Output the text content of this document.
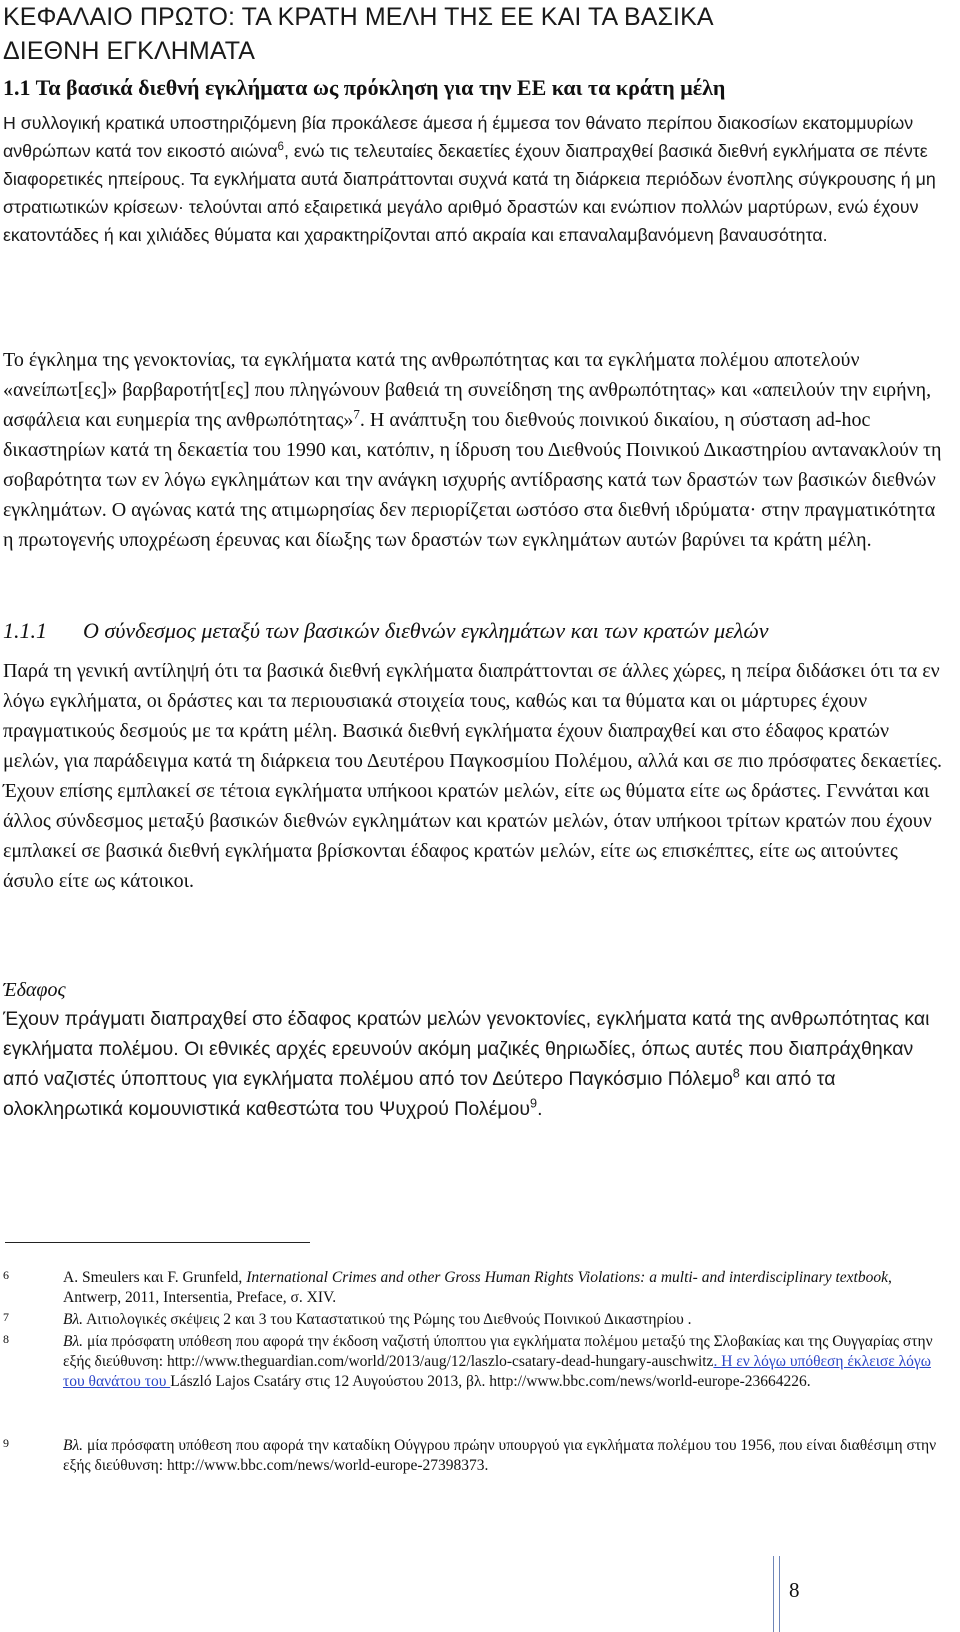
ΚΕΦΑΛΑΙΟ ΠΡΩΤΟ: ΤΑ ΚΡΑΤΗ ΜΕΛΗ ΤΗΣ ΕΕ ΚΑΙ ΤΑ ΒΑΣΙΚΑ
ΔΙΕΘΝΗ ΕΓΚΛΗΜΑΤΑ
1.1 Τα βασικά διεθνή εγκλήματα ως πρόκληση για την ΕΕ και τα κράτη μέλη
Η συλλογική κρατικά υποστηριζόμενη βία προκάλεσε άμεσα ή έμμεσα τον θάνατο περίπου διακοσίων εκατομμυρίων ανθρώπων κατά τον εικοστό αιώνα$^6$, ενώ τις τελευταίες δεκαετίες έχουν διαπραχθεί βασικά διεθνή εγκλήματα σε πέντε διαφορετικές ηπείρους. Τα εγκλήματα αυτά διαπράττονται συχνά κατά τη διάρκεια περιόδων ένοπλης σύγκρουσης ή μη στρατιωτικών κρίσεων· τελούνται από εξαιρετικά μεγάλο αριθμό δραστών και ενώπιον πολλών μαρτύρων, ενώ έχουν εκατοντάδες ή και χιλιάδες θύματα και χαρακτηρίζονται από ακραία και επαναλαμβανόμενη βαναυσότητα.
Το έγκλημα της γενοκτονίας, τα εγκλήματα κατά της ανθρωπότητας και τα εγκλήματα πολέμου αποτελούν «ανείπωτ[ες]» βαρβαροτήτ[ες] που πληγώνουν βαθειά τη συνείδηση της ανθρωπότητας» και «απειλούν την ειρήνη, ασφάλεια και ευημερία της ανθρωπότητας»$^7$. Η ανάπτυξη του διεθνούς ποινικού δικαίου, η σύσταση ad-hoc δικαστηρίων κατά τη δεκαετία του 1990 και, κατόπιν, η ίδρυση του Διεθνούς Ποινικού Δικαστηρίου αντανακλούν τη σοβαρότητα των εν λόγω εγκλημάτων και την ανάγκη ισχυρής αντίδρασης κατά των δραστών των βασικών διεθνών εγκλημάτων. Ο αγώνας κατά της ατιμωρησίας δεν περιορίζεται ωστόσο στα διεθνή ιδρύματα· στην πραγματικότητα η πρωτογενής υποχρέωση έρευνας και δίωξης των δραστών των εγκλημάτων αυτών βαρύνει τα κράτη μέλη.
1.1.1 Ο σύνδεσμος μεταξύ των βασικών διεθνών εγκλημάτων και των κρατών μελών
Παρά τη γενική αντίληψή ότι τα βασικά διεθνή εγκλήματα διαπράττονται σε άλλες χώρες, η πείρα διδάσκει ότι τα εν λόγω εγκλήματα, οι δράστες και τα περιουσιακά στοιχεία τους, καθώς και τα θύματα και οι μάρτυρες έχουν πραγματικούς δεσμούς με τα κράτη μέλη. Βασικά διεθνή εγκλήματα έχουν διαπραχθεί και στο έδαφος κρατών μελών, για παράδειγμα κατά τη διάρκεια του Δευτέρου Παγκοσμίου Πολέμου, αλλά και σε πιο πρόσφατες δεκαετίες. Έχουν επίσης εμπλακεί σε τέτοια εγκλήματα υπήκοοι κρατών μελών, είτε ως θύματα είτε ως δράστες. Γεννάται και άλλος σύνδεσμος μεταξύ βασικών διεθνών εγκλημάτων και κρατών μελών, όταν υπήκοοι τρίτων κρατών που έχουν εμπλακεί σε βασικά διεθνή εγκλήματα βρίσκονται έδαφος κρατών μελών, είτε ως επισκέπτες, είτε ως αιτούντες άσυλο είτε ως κάτοικοι.
Έδαφος
Έχουν πράγματι διαπραχθεί στο έδαφος κρατών μελών γενοκτονίες, εγκλήματα κατά της ανθρωπότητας και εγκλήματα πολέμου. Οι εθνικές αρχές ερευνούν ακόμη μαζικές θηριωδίες, όπως αυτές που διαπράχθηκαν από ναζιστές ύποπτους για εγκλήματα πολέμου από τον Δεύτερο Παγκόσμιο Πόλεμο$^8$ και από τα ολοκληρωτικά κομουνιστικά καθεστώτα του Ψυχρού Πολέμου$^9$.
6	A. Smeulers και F. Grunfeld, International Crimes and other Gross Human Rights Violations: a multi- and interdisciplinary textbook, Antwerp, 2011, Intersentia, Preface, σ. XIV.
7	Βλ. Αιτιολογικές σκέψεις 2 και 3 του Καταστατικού της Ρώμης του Διεθνούς Ποινικού Δικαστηρίου .
8	Βλ. μία πρόσφατη υπόθεση που αφορά την έκδοση ναζιστή ύποπτου για εγκλήματα πολέμου μεταξύ της Σλοβακίας και της Ουγγαρίας στην εξής διεύθυνση: http://www.theguardian.com/world/2013/aug/12/laszlo-csatary-dead-hungary-auschwitz. Η εν λόγω υπόθεση έκλεισε λόγω του θανάτου του László Lajos Csatáry στις 12 Αυγούστου 2013, βλ. http://www.bbc.com/news/world-europe-23664226.
9	Βλ. μία πρόσφατη υπόθεση που αφορά την καταδίκη Ούγγρου πρώην υπουργού για εγκλήματα πολέμου του 1956, που είναι διαθέσιμη στην εξής διεύθυνση: http://www.bbc.com/news/world-europe-27398373.
8
